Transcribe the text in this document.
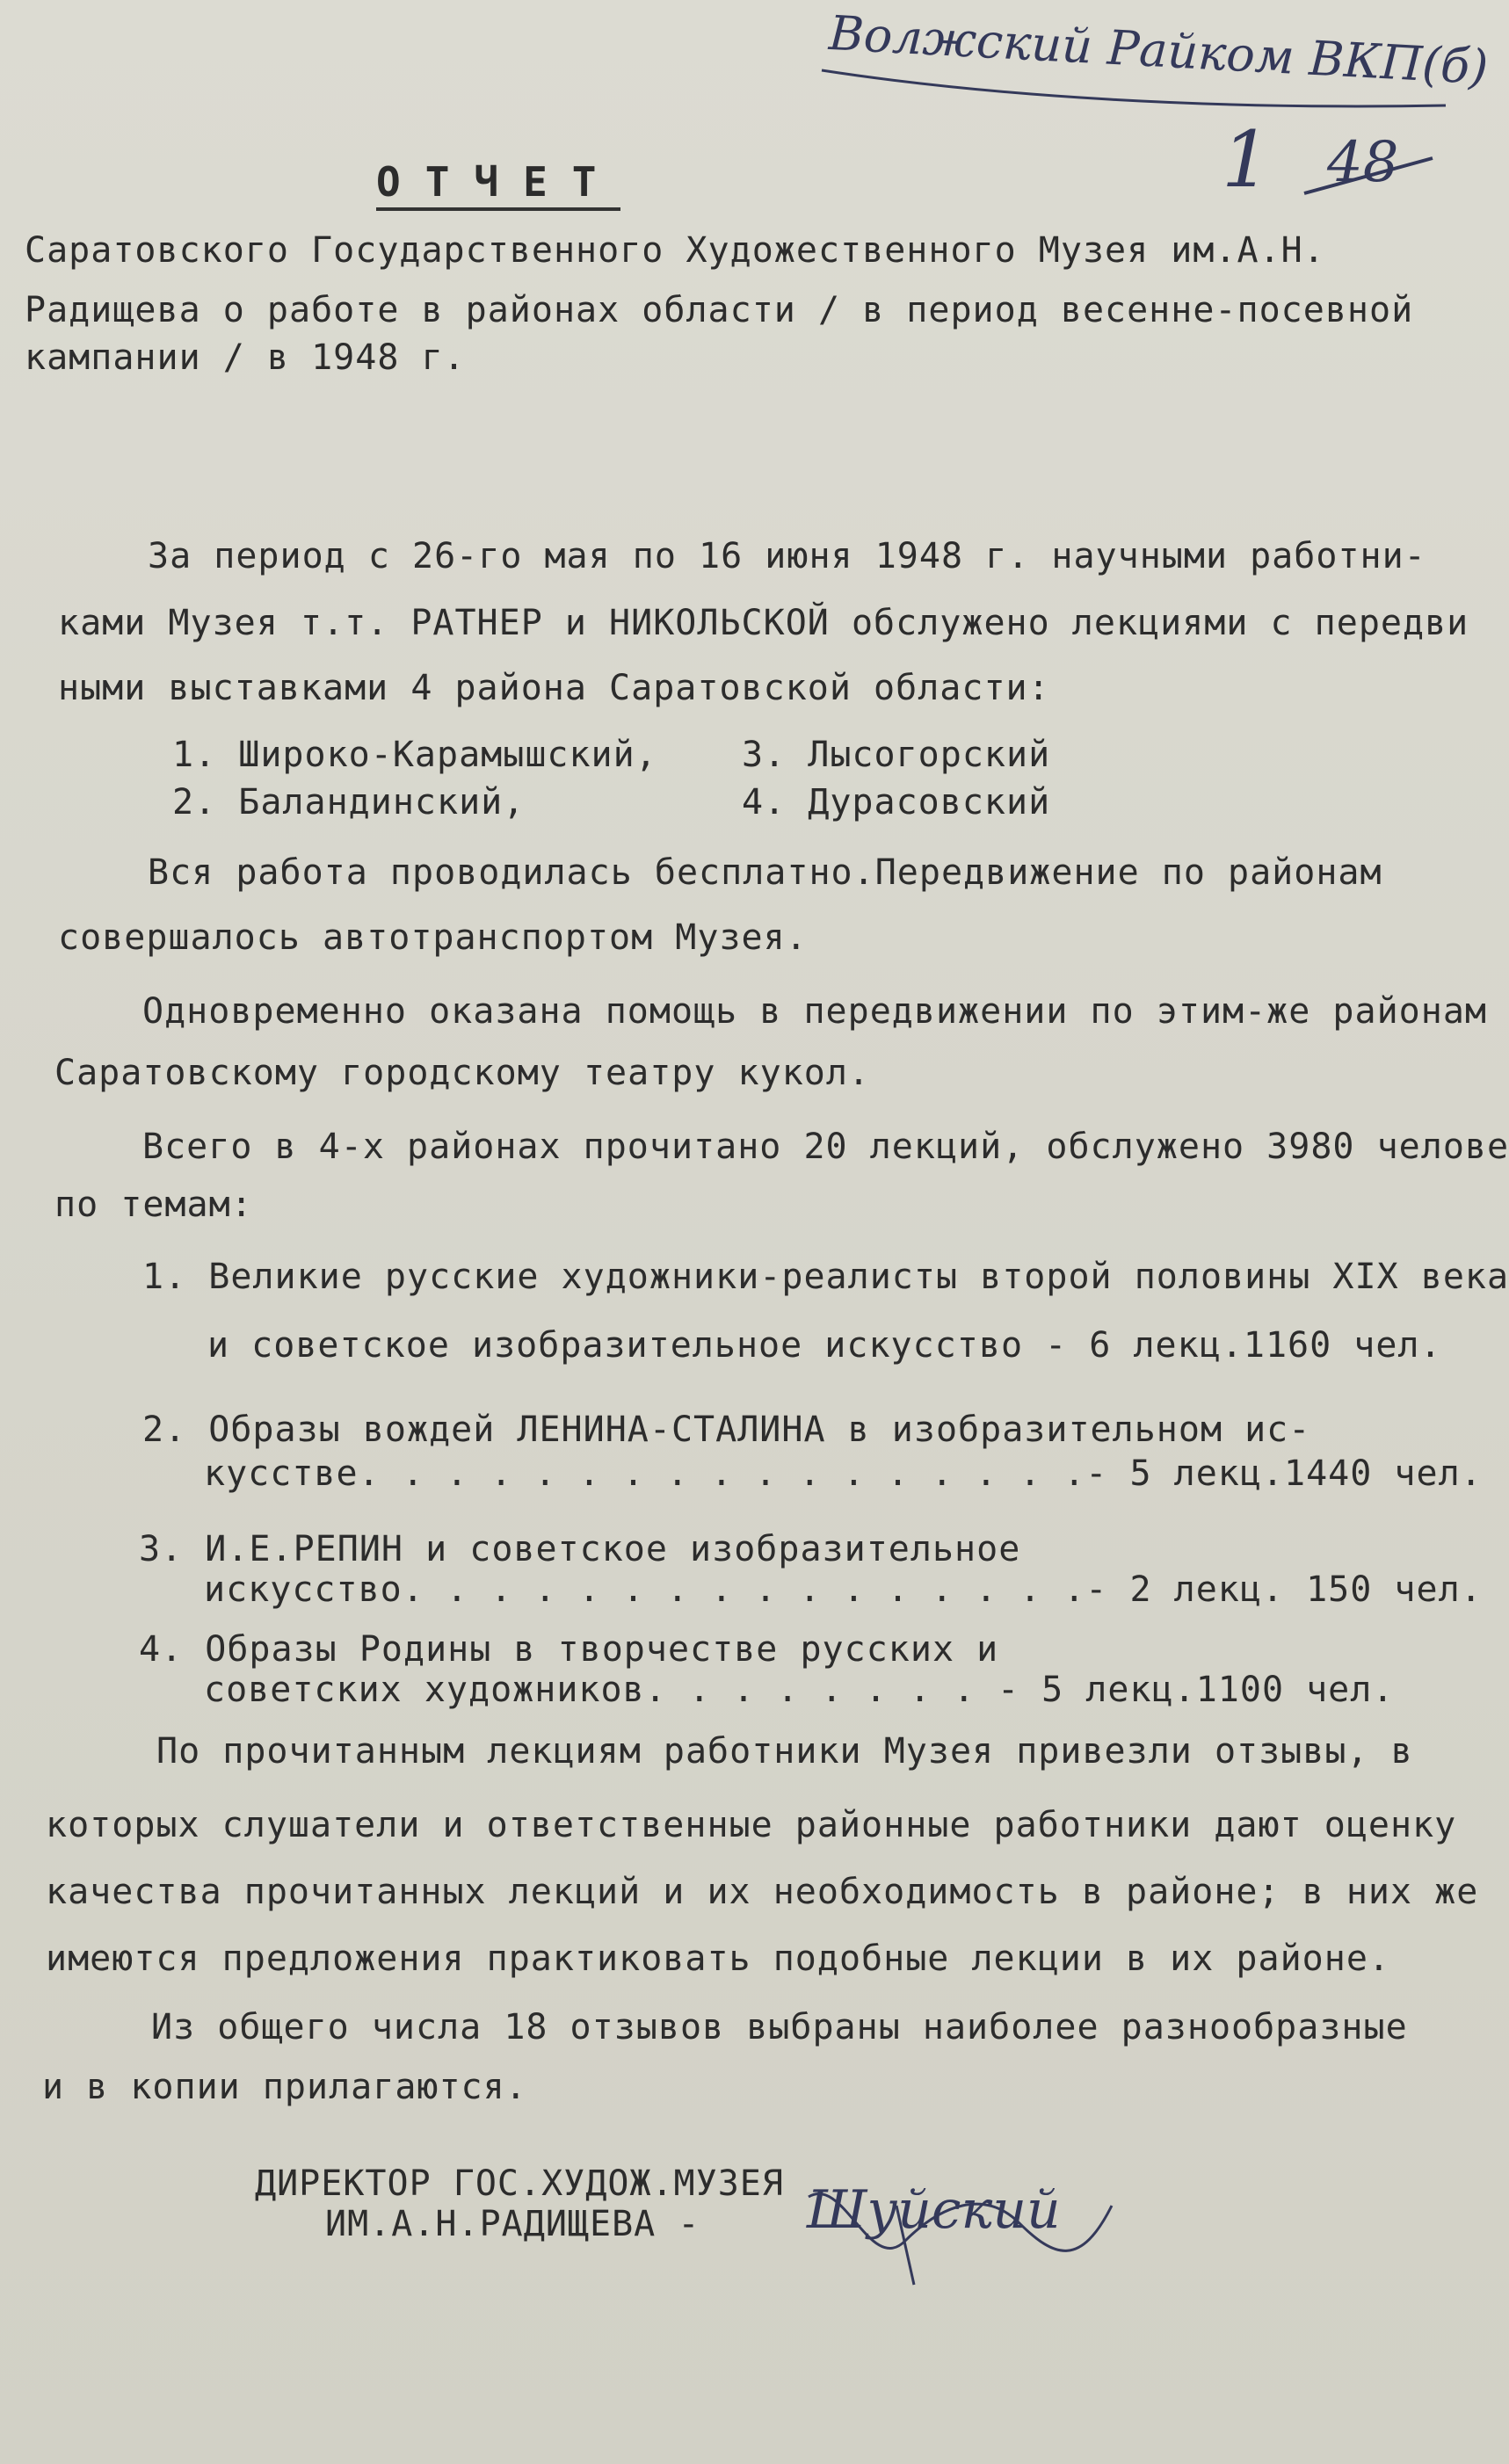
Волжский Райком ВКП(б)
1 48
ОТЧЕТ
Саратовского Государственного Художественного Музея им.А.Н.
Радищева о работе в районах области / в период весенне-посевной
кампании / в 1948 г.
За период с 26-го мая по 16 июня 1948 г. научными работни-
ками Музея т.т. РАТНЕР и НИКОЛЬСКОЙ обслужено лекциями с передви
ными выставками 4 района Саратовской области:
1. Широко-Карамышский, 3. Лысогорский
2. Баландинский,	4. Дурасовский
Вся работа проводилась бесплатно.Передвижение по районам
совершалось автотранспортом Музея.
Одновременно оказана помощь в передвижении по этим-же районам
Саратовскому городскому театру кукол.
Всего в 4-х районах прочитано 20 лекций, обслужено 3980 челове
по темам:
1. Великие русские художники-реалисты второй половины XIX века
и советское изобразительное искусство - 6 лекц.1160 чел.
2. Образы вождей ЛЕНИНА-СТАЛИНА в изобразительном ис-
кусстве. . . . . . . . . . . . . . . . .- 5 лекц.1440 чел.
3. И.Е.РЕПИН и советское изобразительное
искусство. . . . . . . . . . . . . . . .- 2 лекц. 150 чел.
4. Образы Родины в творчестве русских и
советских художников. . . . . . . . - 5 лекц.1100 чел.
По прочитанным лекциям работники Музея привезли отзывы, в
которых слушатели и ответственные районные работники дают оценку
качества прочитанных лекций и их необходимость в районе; в них же
имеются предложения практиковать подобные лекции в их районе.
Из общего числа 18 отзывов выбраны наиболее разнообразные
и в копии прилагаются.
ДИРЕКТОР ГОС.ХУДОЖ.МУЗЕЯ
ИМ.А.Н.РАДИЩЕВА - Шуйский
